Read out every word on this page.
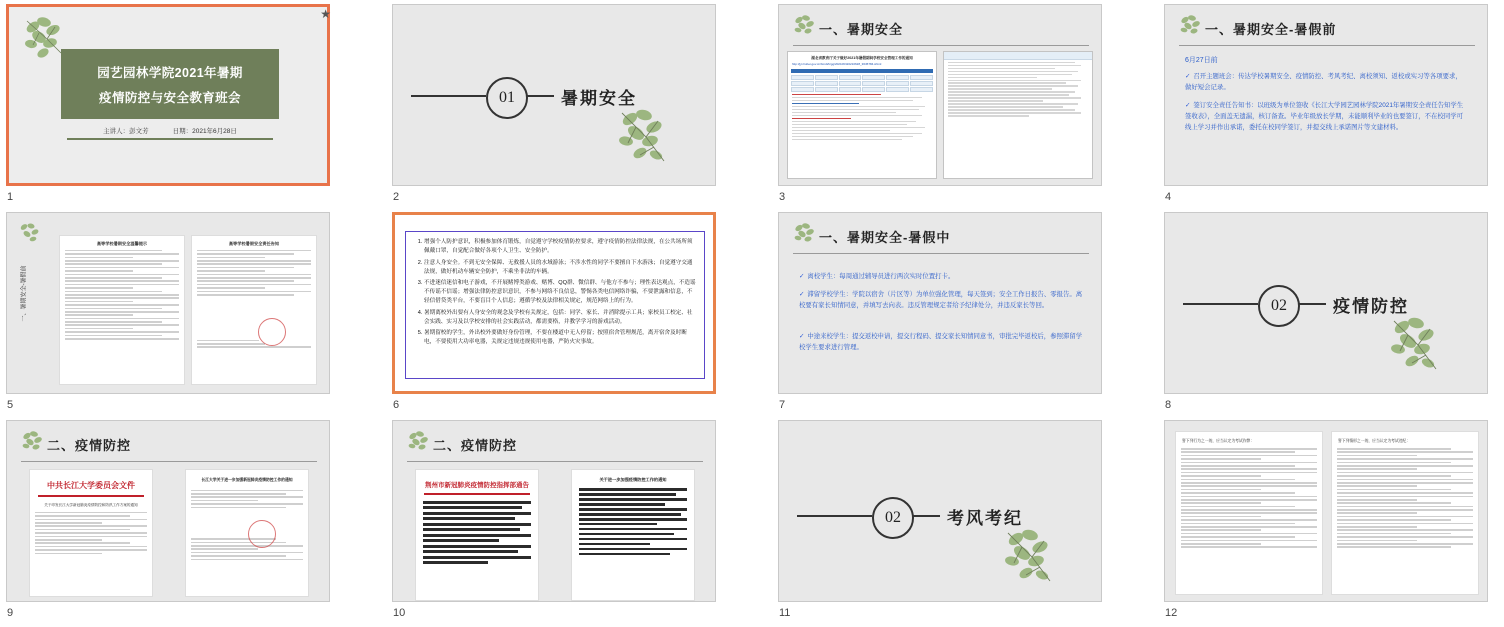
园艺园林学院2021年暑期
疫情防控与安全教育班会
主讲人：彭文芳	日期：2021年6月28日
1
★
01	暑期安全
2
一、暑期安全
湖北省教育厅关于做好2021年暑假期间学校安全管理工作的通知
http://jyt.hubei.gov.cn/bmdt/tzgg/202106/t20210628_3645784.shtml
3
一、暑期安全-暑假前
6月27日前
✓ 召开主题班会：传达学校暑期安全、疫情防控、考风考纪、离校须知、返校或实习等各项要求，做好短会记录。
✓ 签订安全责任告知书：以班级为单位签收《长江大学园艺园林学院2021年暑期安全责任告知学生签收表》，全面盖无遗漏，核订备查。毕业年级放长学期，未能顺利毕业的也要签订，不在校同学可线上学习并作出承诺，委托在校同学签订，并提交线上承诺图片等文建材料。
4
一、暑期安全-暑假前
高等学校暑期安全温馨提示	高等学校暑假安全责任告知
5
1. 增强个人防护意识，积极参加体育锻炼，自觉遵守学校疫情防控要求，遵守疫情防控法律法规，在公共场所须佩戴口罩，自觉配合做好各项个人卫生、安全防护。
2. 注意人身安全。不到无安全保障、无救援人员的水域游泳；不涉水性的同学不要擅自下水游泳；自觉遵守交通法规，做好机动车辆安全防护，不乘坐非法的车辆。
3. 不进迷信迷信和电子游戏，不开展赌博类游戏、赌博、QQ群、微信群、与他方不参与；理性表达观点，不造谣不传谣不信谣；增强法律防控意识意识，不参与网络不良信息，警惕各类电信网络诈骗，不要泄露和信息，不轻信借贷类平台，不要盲目个人信息；遵循学校及法律相关规定，规范网络上的行为。
4. 暑期离校外出要有人身安全的观念及学校有关规定，包括：同学、家长、并消除提示工具；家校员工校定、社会实践、实习及以学校安排的社会实践活动，都需要格，并教学学习的游戏活动。
5. 暑期留校的学生，外出校外要做好身份管理，不要在楼道中无人停留；按照宿舍管理规范，离开宿舍及时断电，不要使用大功率电器，关规定违规违规使用电器，严防火灾事故。
6
一、暑期安全-暑假中
✓ 离校学生：每周通过辅导员进行两次实时位置打卡。
✓ 滞留学校学生：学院以宿舍（片区等）为单位强化管理，每天签到；安全工作日报告、零报告。离校要有家长知情同意，并填写去向表。违反管理规定者给予纪律处分，并违反家长等回。
✓ 中途来校学生：提交返校申请，提交行程码、提交家长知情同意书，审批完毕返校后，参照滞留学校学生要求进行管理。
7
02	疫情防控
8
二、疫情防控
中共长江大学委员会文件
关于印发长江大学新冠肺炎疫情防控和防汛工作方案的通知
长江大学关于进一步加强新冠肺炎疫情防控工作的通知
9
二、疫情防控
荆州市新冠肺炎疫情防控指挥部通告
关于进一步加强疫情防控工作的通知
10
02	考风考纪
11
誓下列行为之一的，应当认定为考试作弊：	誓下列情形之一的，应当认定为考试违纪：
12
